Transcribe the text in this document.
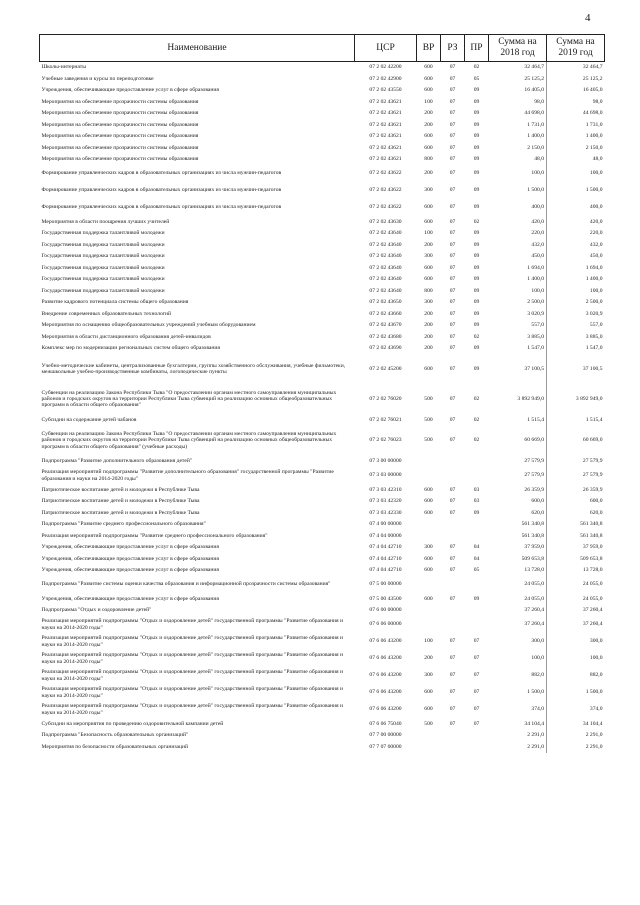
4
Наименование	ЦСР	ВР	РЗ	ПР	Сумма на 2018 год	Сумма на 2019 год
Школы-интернаты	07 2 02 42200	600	07	02	32 464,7	32 464,7
Учебные заведения и курсы по переподготовке	07 2 02 42900	600	07	05	25 125,2	25 125,2
Учреждения, обеспечивающие предоставление услуг в сфере образования	07 2 02 43550	600	07	09	16 405,0	16 405,0
Мероприятия на обеспечение прозрачности системы образования	07 2 02 43621	100	07	09	98,0	98,0
Мероприятия на обеспечение прозрачности системы образования	07 2 02 43621	200	07	09	44 698,0	44 698,0
Мероприятия на обеспечение прозрачности системы образования	07 2 02 43621	200	07	09	1 731,0	1 731,0
Мероприятия на обеспечение прозрачности системы образования	07 2 02 43621	600	07	09	1 400,0	1 400,0
Мероприятия на обеспечение прозрачности системы образования	07 2 02 43621	600	07	09	2 150,0	2 150,0
Мероприятия на обеспечение прозрачности системы образования	07 2 02 43621	800	07	09	48,0	48,0
Формирование управленческих кадров в образовательных организациях из числа мужчин-педагогов	07 2 02 43622	200	07	09	100,0	100,0
Формирование управленческих кадров в образовательных организациях из числа мужчин-педагогов	07 2 02 43622	300	07	09	1 500,0	1 500,0
Формирование управленческих кадров в образовательных организациях из числа мужчин-педагогов	07 2 02 43622	600	07	09	400,0	400,0
Мероприятия в области поощрения лучших учителей	07 2 02 43630	600	07	02	420,0	420,0
Государственная поддержка талантливой молодежи	07 2 02 43640	100	07	09	220,0	220,0
Государственная поддержка талантливой молодежи	07 2 02 43640	200	07	09	432,0	432,0
Государственная поддержка талантливой молодежи	07 2 02 43640	300	07	09	450,0	450,0
Государственная поддержка талантливой молодежи	07 2 02 43640	600	07	09	1 694,0	1 694,0
Государственная поддержка талантливой молодежи	07 2 02 43640	600	07	09	1 400,0	1 400,0
Государственная поддержка талантливой молодежи	07 2 02 43640	800	07	09	100,0	100,0
Развитие кадрового потенциала системы общего образования	07 2 02 43650	300	07	09	2 500,0	2 500,0
Внедрение современных образовательных технологий	07 2 02 43660	200	07	09	3 020,9	3 020,9
Мероприятия по оснащению общеобразовательных учреждений учебным оборудованием	07 2 02 43670	200	07	09	557,0	557,0
Мероприятия в области дистанционного образования детей-инвалидов	07 2 02 43680	200	07	02	3 885,0	3 885,0
Комплекс мер по модернизации региональных систем общего образования	07 2 02 43690	200	07	09	1 547,0	1 547,0
Учебно-методические кабинеты, централизованные бухгалтерии, группы хозяйственного обслуживания, учебные фильмотеки, межшкольные учебно-производственные комбинаты, логопедические пункты	07 2 02 45200	600	07	09	37 100,5	37 100,5
Субвенции на реализацию Закона Республики Тыва "О предоставлении органам местного самоуправления муниципальных районов и городских округов на территории Республики Тыва субвенций на реализацию основных общеобразовательных программ в области общего образования"	07 2 02 76020	500	07	02	3 892 949,0	3 892 949,0
Субсидии на содержание детей чабанов	07 2 02 76021	500	07	02	1 515,4	1 515,4
Субвенции на реализацию Закона Республики Тыва "О предоставлении органам местного самоуправления муниципальных районов и городских округов на территории Республики Тыва субвенций на реализацию основных общеобразовательных программ в области общего образования" (учебные расходы)	07 2 02 76023	500	07	02	60 669,0	60 669,0
Подпрограмма "Развитие дополнительного образования детей"	07 3 00 00000				27 579,9	27 579,9
Реализация мероприятий подпрограммы "Развитие дополнительного образования" государственной программы "Развитие образования и науки на 2014-2020 годы"	07 3 03 00000				27 579,9	27 579,9
Патриотическое воспитание детей и молодежи в Республике Тыва	07 3 03 42310	600	07	03	26 359,9	26 359,9
Патриотическое воспитание детей и молодежи в Республике Тыва	07 3 03 42320	600	07	03	600,0	600,0
Патриотическое воспитание детей и молодежи в Республике Тыва	07 3 03 42330	600	07	09	620,0	620,0
Подпрограмма "Развитие среднего профессионального образования"	07 4 00 00000				561 340,8	561 340,8
Реализация мероприятий подпрограммы "Развитие среднего профессионального образования"	07 4 04 00000				561 340,8	561 340,8
Учреждения, обеспечивающие предоставление услуг в сфере образования	07 4 04 42710	300	07	04	37 959,0	37 959,0
Учреждения, обеспечивающие предоставление услуг в сфере образования	07 4 04 42710	600	07	04	509 653,8	509 653,8
Учреждения, обеспечивающие предоставление услуг в сфере образования	07 4 04 42710	600	07	05	13 728,0	13 728,0
Подпрограмма "Развитие системы оценки качества образования и информационной прозрачности системы образования"	07 5 00 00000				24 055,0	24 055,0
Учреждения, обеспечивающие предоставление услуг в сфере образования	07 5 00 43500	600	07	09	24 055,0	24 055,0
Подпрограмма "Отдых и оздоровление детей"	07 6 00 00000				37 260,4	37 260,4
Реализация мероприятий подпрограммы "Отдых и оздоровление детей" государственной программы "Развитие образования и науки на 2014-2020 годы"	07 6 06 00000				37 260,4	37 260,4
Реализация мероприятий подпрограммы "Отдых и оздоровление детей" государственной программы "Развитие образования и науки на 2014-2020 годы"	07 6 06 43200	100	07	07	300,0	300,0
Реализация мероприятий подпрограммы "Отдых и оздоровление детей" государственной программы "Развитие образования и науки на 2014-2020 годы"	07 6 06 43200	200	07	07	100,0	100,0
Реализация мероприятий подпрограммы "Отдых и оздоровление детей" государственной программы "Развитие образования и науки на 2014-2020 годы"	07 6 06 43200	300	07	07	882,0	882,0
Реализация мероприятий подпрограммы "Отдых и оздоровление детей" государственной программы "Развитие образования и науки на 2014-2020 годы"	07 6 06 43200	600	07	07	1 500,0	1 500,0
Реализация мероприятий подпрограммы "Отдых и оздоровление детей" государственной программы "Развитие образования и науки на 2014-2020 годы"	07 6 06 43200	600	07	07	374,0	374,0
Субсидии на мероприятия по проведению оздоровительной кампании детей	07 6 06 75040	500	07	07	34 104,4	34 104,4
Подпрограмма "Безопасность образовательных организаций"	07 7 00 00000				2 291,0	2 291,0
Мероприятия по безопасности образовательных организаций	07 7 07 00000				2 291,0	2 291,0
